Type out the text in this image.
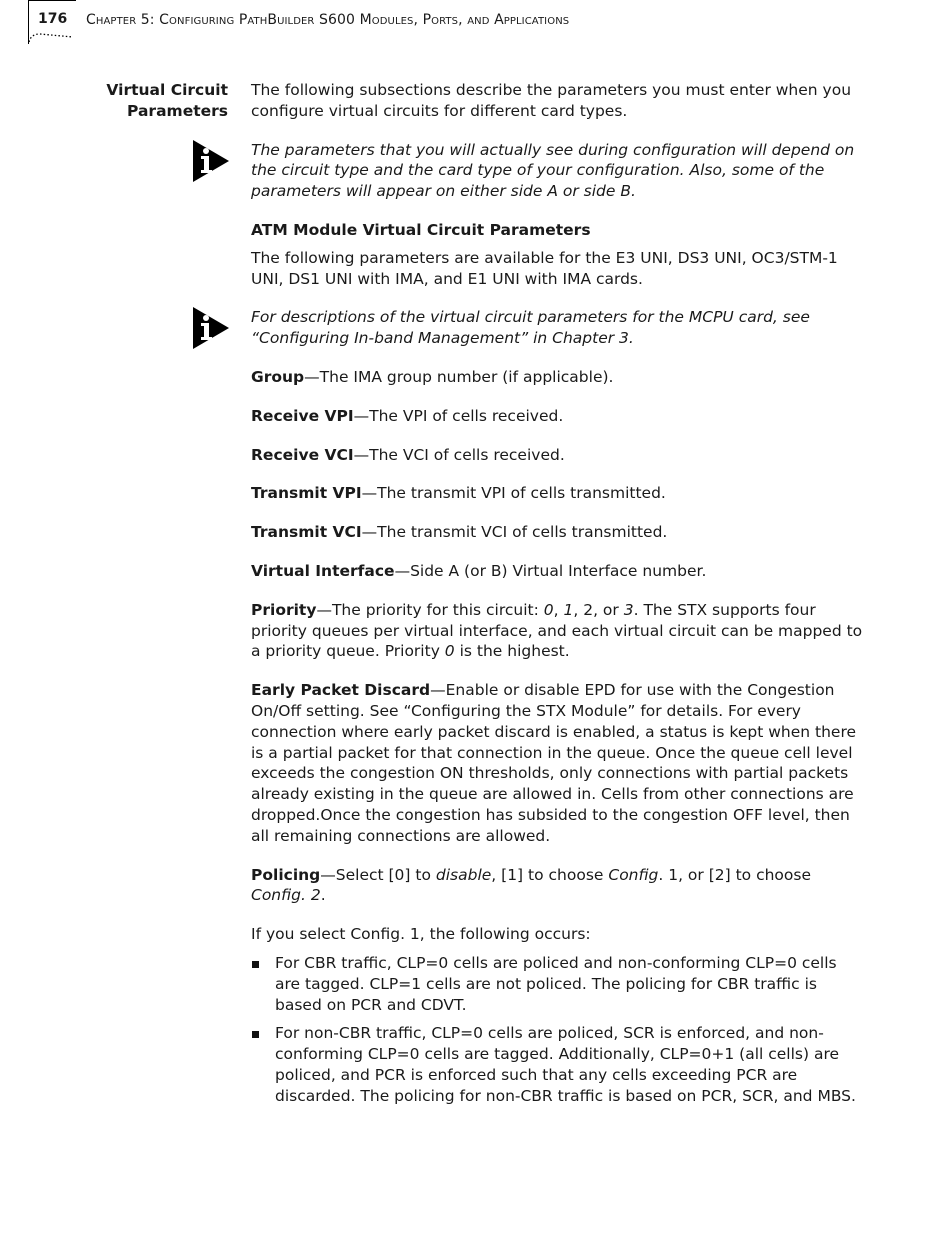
176 Chapter 5: Configuring PathBuilder S600 Modules, Ports, and Applications
Virtual Circuit
Parameters

The following subsections describe the parameters you must enter when you configure virtual circuits for different card types.

The parameters that you will actually see during configuration will depend on the circuit type and the card type of your configuration. Also, some of the parameters will appear on either side A or side B.

ATM Module Virtual Circuit Parameters

The following parameters are available for the E3 UNI, DS3 UNI, OC3/STM-1 UNI, DS1 UNI with IMA, and E1 UNI with IMA cards.

For descriptions of the virtual circuit parameters for the MCPU card, see “Configuring In-band Management” in Chapter 3.

Group—The IMA group number (if applicable).

Receive VPI—The VPI of cells received.

Receive VCI—The VCI of cells received.

Transmit VPI—The transmit VPI of cells transmitted.

Transmit VCI—The transmit VCI of cells transmitted.

Virtual Interface—Side A (or B) Virtual Interface number.

Priority—The priority for this circuit: 0, 1, 2, or 3. The STX supports four priority queues per virtual interface, and each virtual circuit can be mapped to a priority queue. Priority 0 is the highest.

Early Packet Discard—Enable or disable EPD for use with the Congestion On/Off setting. See “Configuring the STX Module” for details. For every connection where early packet discard is enabled, a status is kept when there is a partial packet for that connection in the queue. Once the queue cell level exceeds the congestion ON thresholds, only connections with partial packets already existing in the queue are allowed in. Cells from other connections are dropped.Once the congestion has subsided to the congestion OFF level, then all remaining connections are allowed.

Policing—Select [0] to disable, [1] to choose Config. 1, or [2] to choose Config. 2.

If you select Config. 1, the following occurs:

For CBR traffic, CLP=0 cells are policed and non-conforming CLP=0 cells are tagged. CLP=1 cells are not policed. The policing for CBR traffic is based on PCR and CDVT.
For non-CBR traffic, CLP=0 cells are policed, SCR is enforced, and non-conforming CLP=0 cells are tagged. Additionally, CLP=0+1 (all cells) are policed, and PCR is enforced such that any cells exceeding PCR are discarded. The policing for non-CBR traffic is based on PCR, SCR, and MBS.
